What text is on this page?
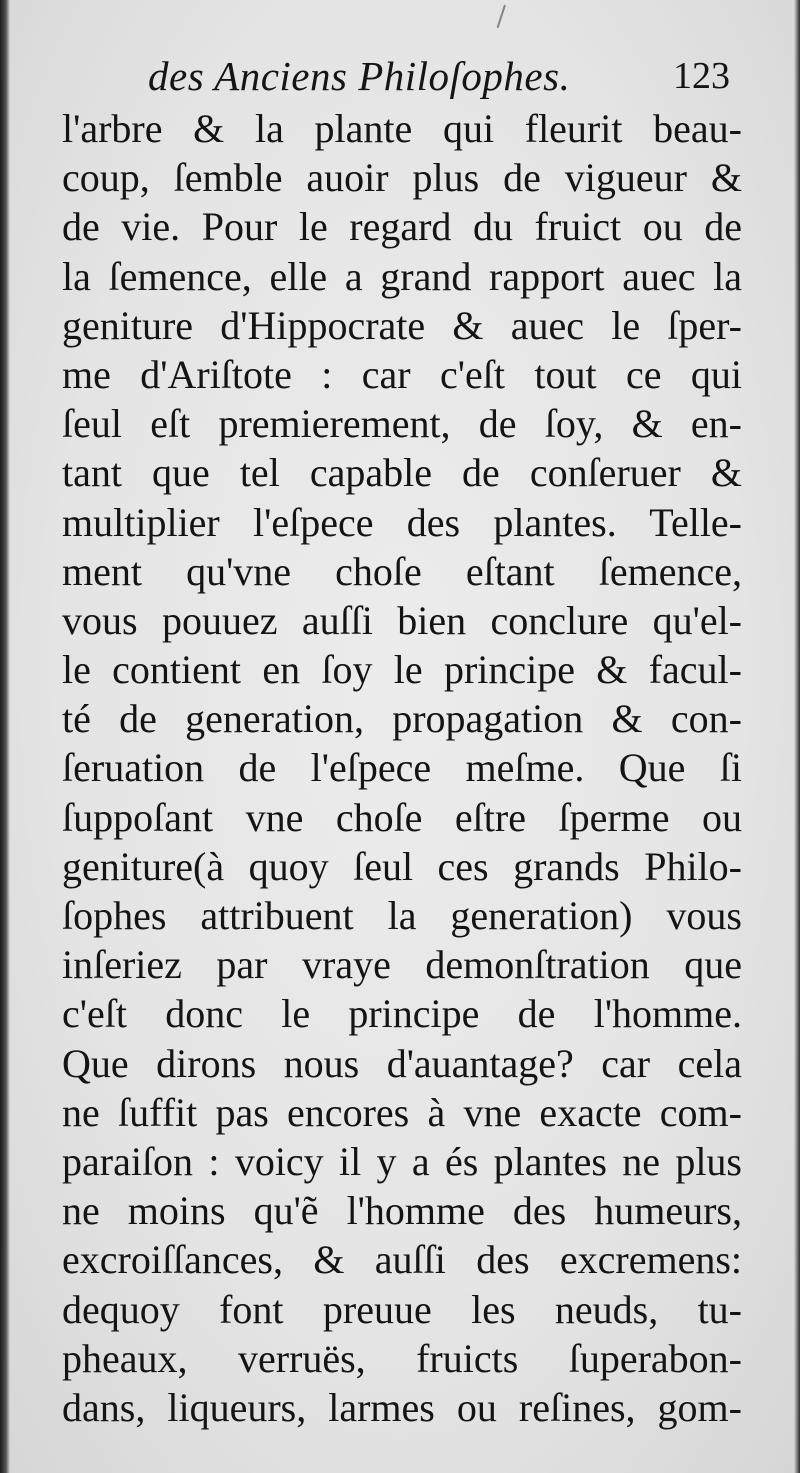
des Anciens Philoſophes.	123
l'arbre & la plante qui fleurit beau-
coup, ſemble auoir plus de vigueur &
de vie. Pour le regard du fruict ou de
la ſemence, elle a grand rapport auec la
geniture d'Hippocrate & auec le ſper-
me d'Ariſtote : car c'eſt tout ce qui
ſeul eſt premierement, de ſoy, & en-
tant que tel capable de conſeruer &
multiplier l'eſpece des plantes. Telle-
ment qu'vne choſe eſtant ſemence,
vous pouuez auſſi bien conclure qu'el-
le contient en ſoy le principe & facul-
té de generation, propagation & con-
ſeruation de l'eſpece meſme. Que ſi
ſuppoſant vne choſe eſtre ſperme ou
geniture(à quoy ſeul ces grands Philo-
ſophes attribuent la generation) vous
inſeriez par vraye demonſtration que
c'eſt donc le principe de l'homme.
Que dirons nous d'auantage? car cela
ne ſuffit pas encores à vne exacte com-
paraiſon : voicy il y a és plantes ne plus
ne moins qu'ẽ l'homme des humeurs,
excroiſſances, & auſſi des excremens:
dequoy font preuue les neuds, tu-
pheaux, verruës, fruicts ſuperabon-
dans, liqueurs, larmes ou reſines, gom-
